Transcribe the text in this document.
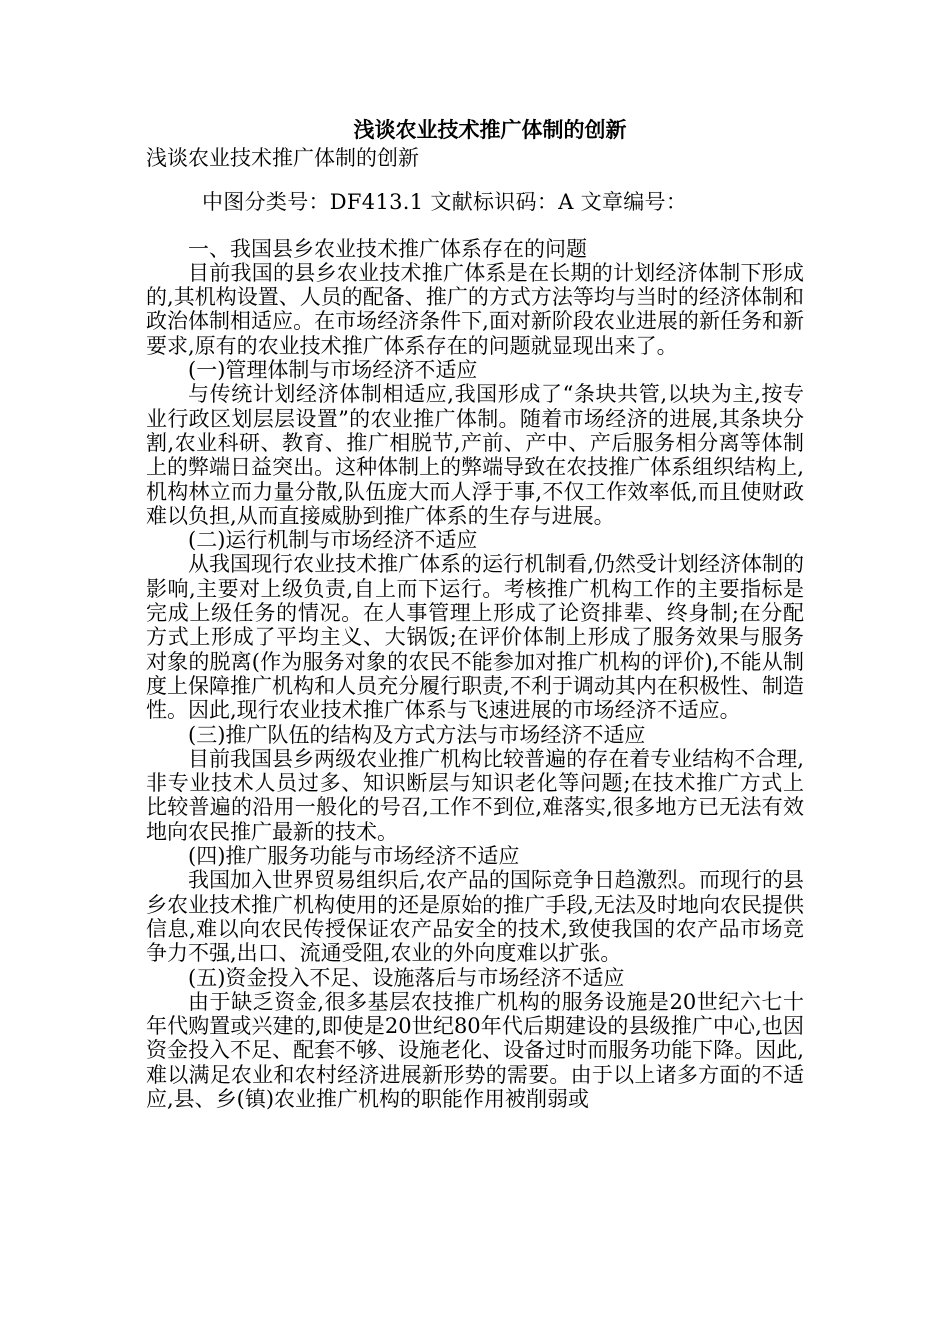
浅谈农业技术推广体制的创新

浅谈农业技术推广体制的创新

中图分类号：DF413.1 文献标识码：A 文章编号：

一、我国县乡农业技术推广体系存在的问题

目前我国的县乡农业技术推广体系是在长期的计划经济体制下形成的,其机构设置、人员的配备、推广的方式方法等均与当时的经济体制和政治体制相适应。在市场经济条件下,面对新阶段农业进展的新任务和新要求,原有的农业技术推广体系存在的问题就显现出来了。

(一)管理体制与市场经济不适应

与传统计划经济体制相适应,我国形成了“条块共管,以块为主,按专业行政区划层层设置”的农业推广体制。随着市场经济的进展,其条块分割,农业科研、教育、推广相脱节,产前、产中、产后服务相分离等体制上的弊端日益突出。这种体制上的弊端导致在农技推广体系组织结构上,机构林立而力量分散,队伍庞大而人浮于事,不仅工作效率低,而且使财政难以负担,从而直接威胁到推广体系的生存与进展。

(二)运行机制与市场经济不适应

从我国现行农业技术推广体系的运行机制看,仍然受计划经济体制的影响,主要对上级负责,自上而下运行。考核推广机构工作的主要指标是完成上级任务的情况。在人事管理上形成了论资排辈、终身制;在分配方式上形成了平均主义、大锅饭;在评价体制上形成了服务效果与服务对象的脱离(作为服务对象的农民不能参加对推广机构的评价),不能从制度上保障推广机构和人员充分履行职责,不利于调动其内在积极性、制造性。因此,现行农业技术推广体系与飞速进展的市场经济不适应。

(三)推广队伍的结构及方式方法与市场经济不适应

目前我国县乡两级农业推广机构比较普遍的存在着专业结构不合理,非专业技术人员过多、知识断层与知识老化等问题;在技术推广方式上比较普遍的沿用一般化的号召,工作不到位,难落实,很多地方已无法有效地向农民推广最新的技术。

(四)推广服务功能与市场经济不适应

我国加入世界贸易组织后,农产品的国际竞争日趋激烈。而现行的县乡农业技术推广机构使用的还是原始的推广手段,无法及时地向农民提供信息,难以向农民传授保证农产品安全的技术,致使我国的农产品市场竞争力不强,出口、流通受阻,农业的外向度难以扩张。

(五)资金投入不足、设施落后与市场经济不适应

由于缺乏资金,很多基层农技推广机构的服务设施是20世纪六七十年代购置或兴建的,即使是20世纪80年代后期建设的县级推广中心,也因资金投入不足、配套不够、设施老化、设备过时而服务功能下降。因此,难以满足农业和农村经济进展新形势的需要。由于以上诸多方面的不适应,县、乡(镇)农业推广机构的职能作用被削弱或
